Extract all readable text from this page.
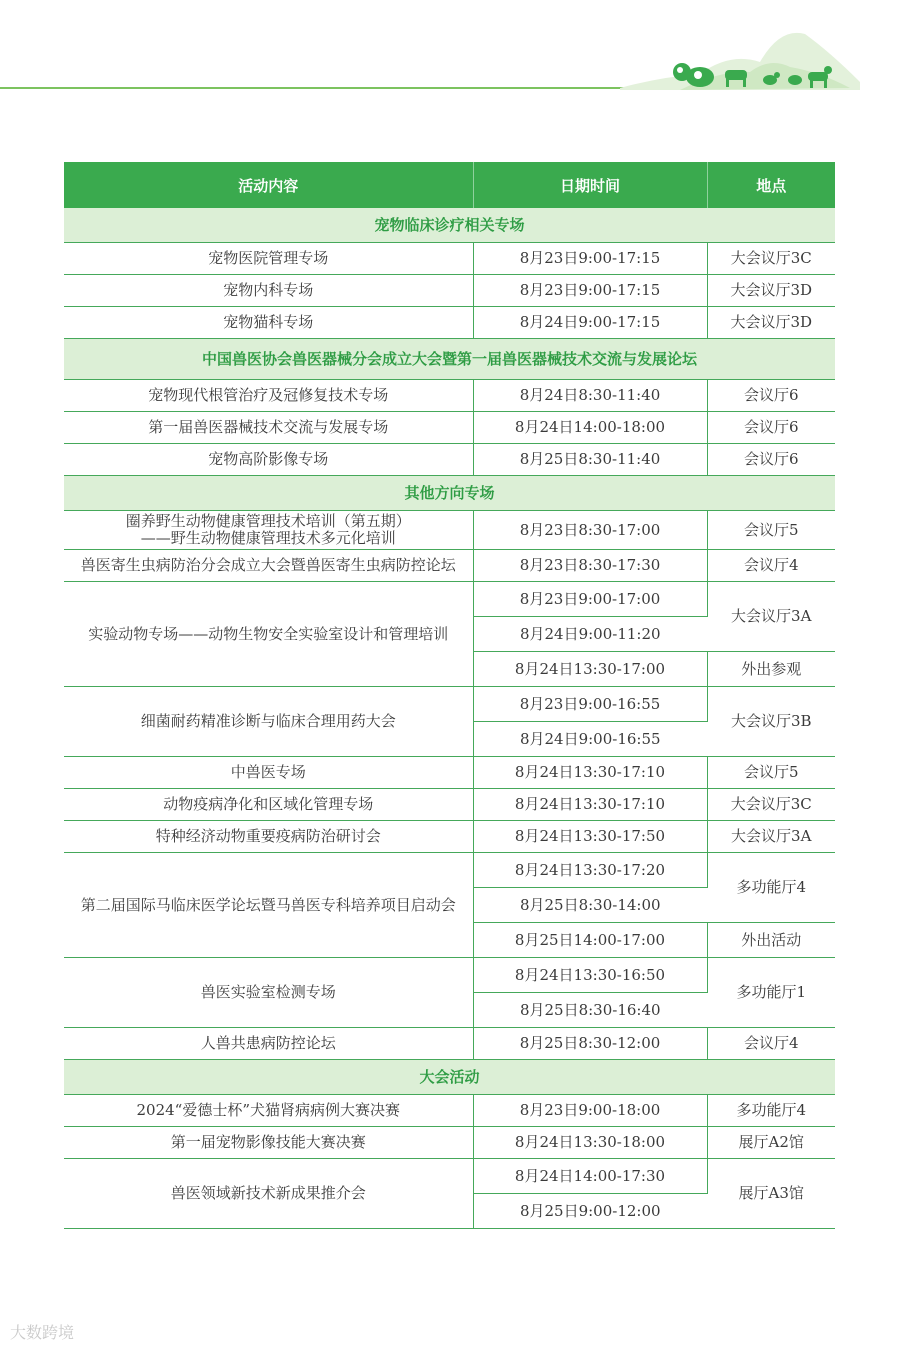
活动内容	日期时间	地点
宠物临床诊疗相关专场		
宠物医院管理专场	8月23日9:00-17:15	大会议厅3C
宠物内科专场	8月23日9:00-17:15	大会议厅3D
宠物猫科专场	8月24日9:00-17:15	大会议厅3D
中国兽医协会兽医器械分会成立大会暨第一届兽医器械技术交流与发展论坛		
宠物现代根管治疗及冠修复技术专场	8月24日8:30-11:40	会议厅6
第一届兽医器械技术交流与发展专场	8月24日14:00-18:00	会议厅6
宠物高阶影像专场	8月25日8:30-11:40	会议厅6
其他方向专场		
圈养野生动物健康管理技术培训（第五期）
——野生动物健康管理技术多元化培训	8月23日8:30-17:00	会议厅5
兽医寄生虫病防治分会成立大会暨兽医寄生虫病防控论坛	8月23日8:30-17:30	会议厅4
实验动物专场——动物生物安全实验室设计和管理培训	8月23日9:00-17:00	大会议厅3A
	8月24日9:00-11:20	
	8月24日13:30-17:00	外出参观
细菌耐药精准诊断与临床合理用药大会	8月23日9:00-16:55	大会议厅3B
	8月24日9:00-16:55	
中兽医专场	8月24日13:30-17:10	会议厅5
动物疫病净化和区域化管理专场	8月24日13:30-17:10	大会议厅3C
特种经济动物重要疫病防治研讨会	8月24日13:30-17:50	大会议厅3A
第二届国际马临床医学论坛暨马兽医专科培养项目启动会	8月24日13:30-17:20	多功能厅4
	8月25日8:30-14:00	
	8月25日14:00-17:00	外出活动
兽医实验室检测专场	8月24日13:30-16:50	多功能厅1
	8月25日8:30-16:40	
人兽共患病防控论坛	8月25日8:30-12:00	会议厅4
大会活动		
2024“爱德士杯”犬猫肾病病例大赛决赛	8月23日9:00-18:00	多功能厅4
第一届宠物影像技能大赛决赛	8月24日13:30-18:00	展厅A2馆
兽医领域新技术新成果推介会	8月24日14:00-17:30	展厅A3馆
	8月25日9:00-12:00	
大数跨境
